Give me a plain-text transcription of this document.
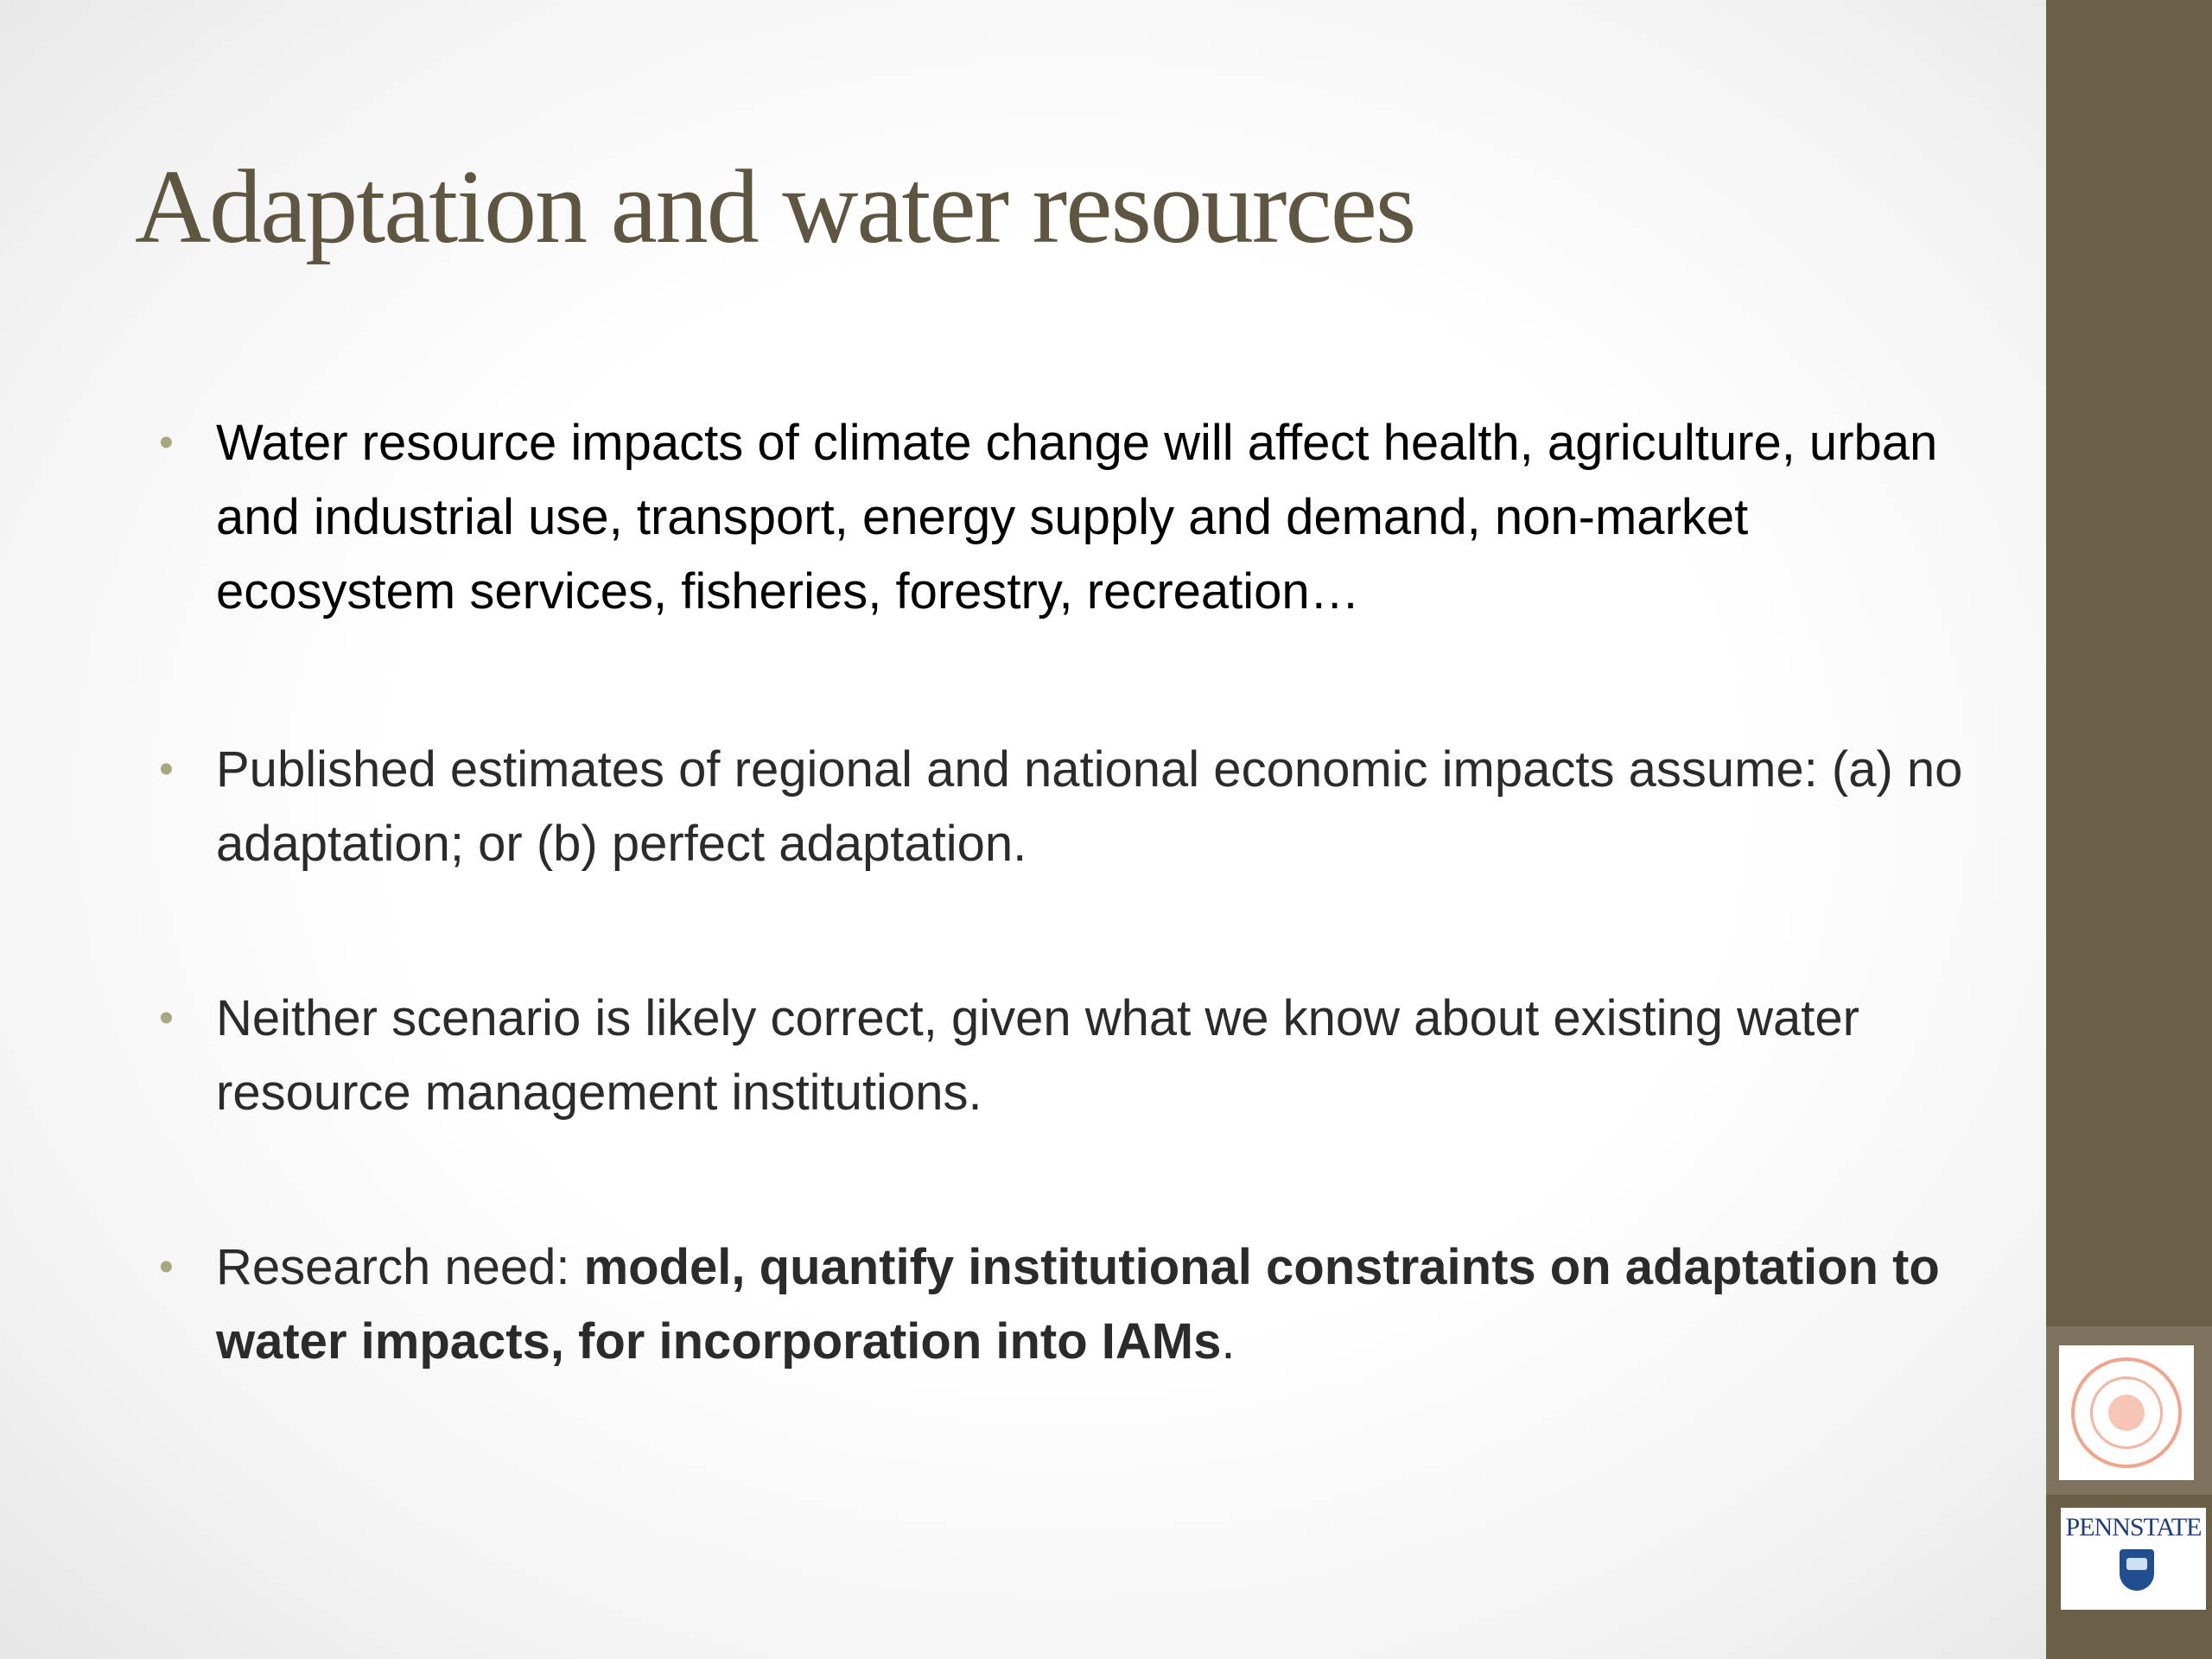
Adaptation and water resources
• Water resource impacts of climate change will affect health, agriculture, urban and industrial use, transport, energy supply and demand, non-market ecosystem services, fisheries, forestry, recreation…
• Published estimates of regional and national economic impacts assume: (a) no adaptation; or (b) perfect adaptation.
• Neither scenario is likely correct, given what we know about existing water resource management institutions.
• Research need: model, quantify institutional constraints on adaptation to water impacts, for incorporation into IAMs.
PENNSTATE
